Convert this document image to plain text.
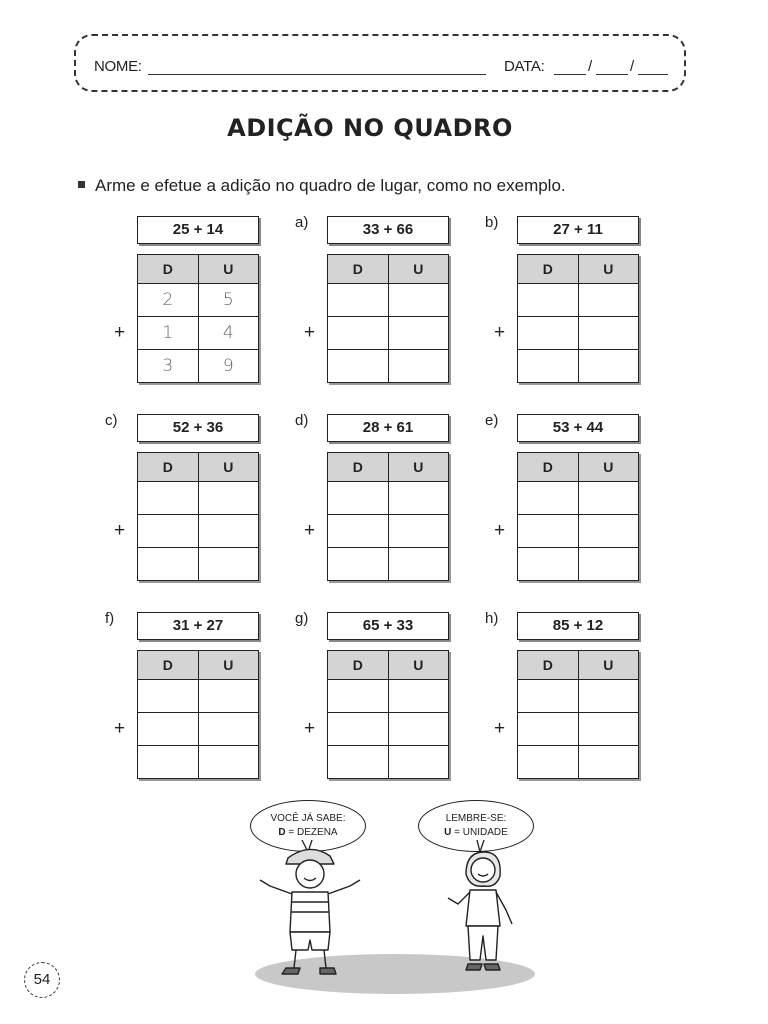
NOME:	DATA:	/	/
ADIÇÃO NO QUADRO
Arme e efetue a adição no quadro de lugar, como no exemplo.
25 + 14
D	U
2	5
1	4
3	9
+
a)	33 + 66
D	U

+
b)	27 + 11
D	U

+
c)	52 + 36
D	U

+
d)	28 + 61
D	U

+
e)	53 + 44
D	U

+
f)	31 + 27
D	U

+
g)	65 + 33
D	U

+
h)	85 + 12
D	U

+
VOCÊ JÁ SABE:
D = DEZENA
LEMBRE-SE:
U = UNIDADE
54
